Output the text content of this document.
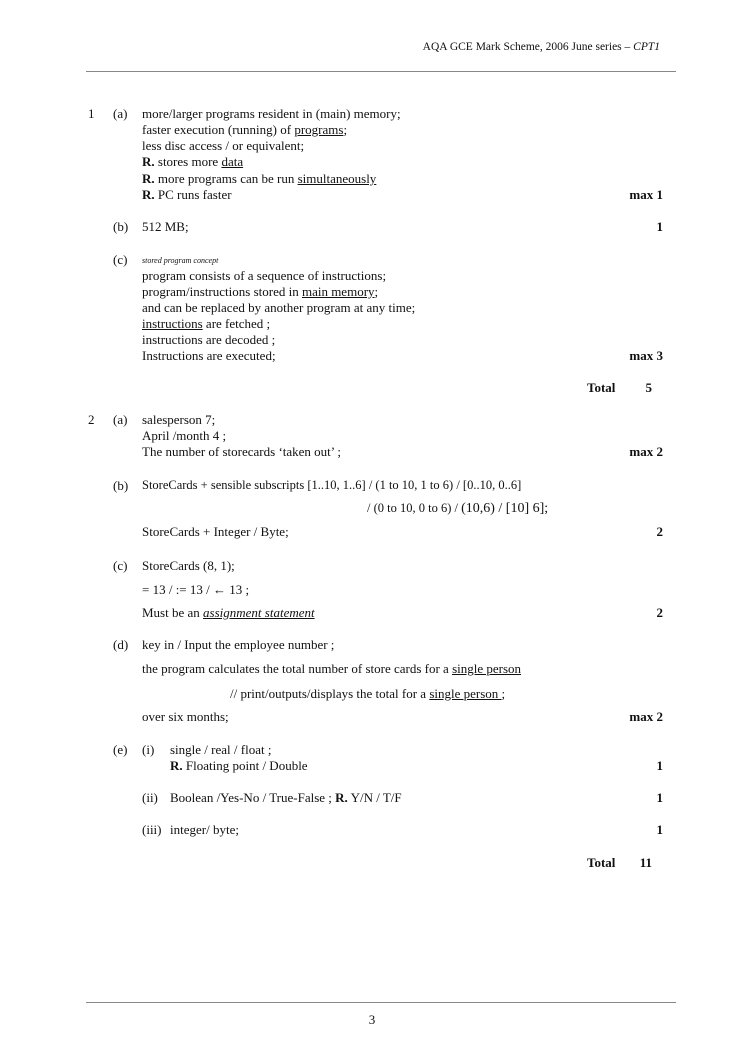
AQA GCE Mark Scheme, 2006 June series – CPT1
1 (a) more/larger programs resident in (main) memory;
faster execution (running) of programs;
less disc access / or equivalent;
R. stores more data
R. more programs can be run simultaneously
R. PC runs faster	max 1
(b) 512 MB;	1
(c) stored program concept
program consists of a sequence of instructions;
program/instructions stored in main memory;
and can be replaced by another program at any time;
instructions are fetched ;
instructions are decoded ;
Instructions are executed;	max 3
Total	5
2 (a) salesperson 7;
April /month 4 ;
The number of storecards ‘taken out’ ;	max 2
(b) StoreCards + sensible subscripts [1..10, 1..6] / (1 to 10, 1 to 6) / [0..10, 0..6]
/ (0 to 10, 0 to 6) / (10,6) / [10] 6];
StoreCards + Integer / Byte;	2
(c) StoreCards (8, 1);
= 13 / := 13 / ← 13 ;
Must be an assignment statement	2
(d) key in / Input the employee number ;
the program calculates the total number of store cards for a single person
// print/outputs/displays the total for a single person ;
over six months;	max 2
(e) (i) single / real / float ;
R. Floating point / Double	1
(ii) Boolean /Yes-No / True-False ; R. Y/N / T/F	1
(iii) integer/ byte;	1
Total	11
3
